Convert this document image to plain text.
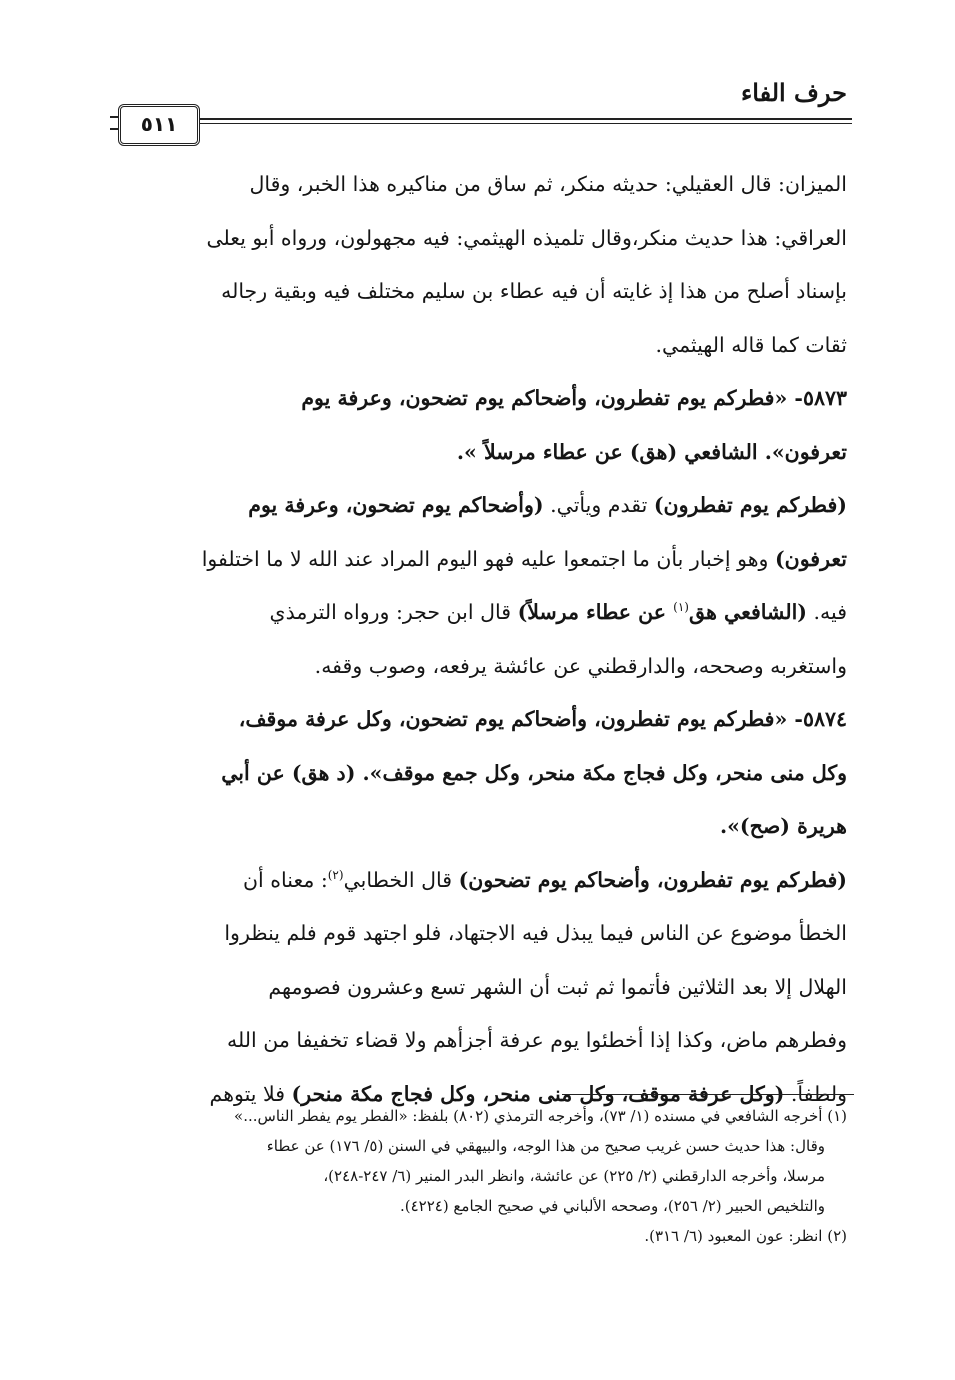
حرف الفاء
٥١١

الميزان: قال العقيلي: حديثه منكر، ثم ساق من مناكيره هذا الخبر، وقال
العراقي: هذا حديث منكر،وقال تلميذه الهيثمي: فيه مجهولون، ورواه أبو يعلى
بإسناد أصلح من هذا إذ غايته أن فيه عطاء بن سليم مختلف فيه وبقية رجاله
ثقات كما قاله الهيثمي.

٥٨٧٣- «فطركم يوم تفطرون، وأضحاكم يوم تضحون، وعرفة يوم
تعرفون». الشافعي (هق) عن عطاء مرسلاً ».

(فطركم يوم تفطرون) تقدم ويأتي. (وأضحاكم يوم تضحون، وعرفة يوم
تعرفون) وهو إخبار بأن ما اجتمعوا عليه فهو اليوم المراد عند الله لا ما اختلفوا
فيه. (الشافعي هق$^{(١)}$ عن عطاء مرسلاً) قال ابن حجر: ورواه الترمذي
واستغربه وصححه، والدارقطني عن عائشة يرفعه، وصوب وقفه.

٥٨٧٤- «فطركم يوم تفطرون، وأضحاكم يوم تضحون، وكل عرفة موقف،
وكل منى منحر، وكل فجاج مكة منحر، وكل جمع موقف». (د هق) عن أبي
هريرة (صح)».

(فطركم يوم تفطرون، وأضحاكم يوم تضحون) قال الخطابي$^{(٢)}$: معناه أن
الخطأ موضوع عن الناس فيما يبذل فيه الاجتهاد، فلو اجتهد قوم فلم ينظروا
الهلال إلا بعد الثلاثين فأتموا ثم ثبت أن الشهر تسع وعشرون فصومهم
وفطرهم ماض، وكذا إذا أخطئوا يوم عرفة أجزأهم ولا قضاء تخفيفا من الله
ولطفاً. (وكل عرفة موقف، وكل منى منحر، وكل فجاج مكة منحر) فلا يتوهم

(١) أخرجه الشافعي في مسنده (١/ ٧٣)، وأخرجه الترمذي (٨٠٢) بلفظ: «الفطر يوم يفطر الناس...»
وقال: هذا حديث حسن غريب صحيح من هذا الوجه، والبيهقي في السنن (٥/ ١٧٦) عن عطاء
مرسلا، وأخرجه الدارقطني (٢/ ٢٢٥) عن عائشة، وانظر البدر المنير (٦/ ٢٤٧-٢٤٨)،
والتلخيص الحبير (٢/ ٢٥٦)، وصححه الألباني في صحيح الجامع (٤٢٢٤).
(٢) انظر: عون المعبود (٦/ ٣١٦).
